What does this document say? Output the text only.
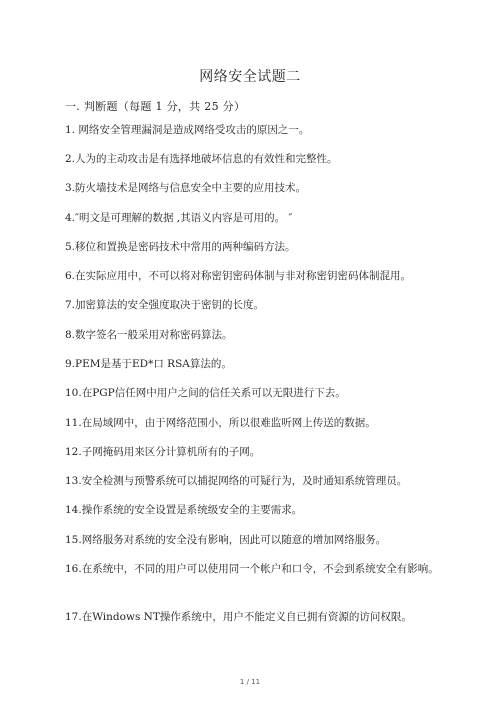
网络安全试题二
一. 判断题（每题 1 分，共 25 分）
1. 网络安全管理漏洞是造成网络受攻击的原因之一。
2.人为的主动攻击是有选择地破坏信息的有效性和完整性。
3.防火墙技术是网络与信息安全中主要的应用技术。
4.″明文是可理解的数据 ,其语义内容是可用的。 ″
5.移位和置换是密码技术中常用的两种编码方法。
6.在实际应用中，不可以将对称密钥密码体制与非对称密钥密码体制混用。
7.加密算法的安全强度取决于密钥的长度。
8.数字签名一般采用对称密码算法。
9.PEM是基于ED*口 RSA算法的。
10.在PGP信任网中用户之间的信任关系可以无限进行下去。
11.在局域网中，由于网络范围小，所以很难监听网上传送的数据。
12.子网掩码用来区分计算机所有的子网。
13.安全检测与预警系统可以捕捉网络的可疑行为，及时通知系统管理员。
14.操作系统的安全设置是系统级安全的主要需求。
15.网络服务对系统的安全没有影响，因此可以随意的增加网络服务。
16.在系统中，不同的用户可以使用同一个帐户和口令，不会到系统安全有影响。
17.在Windows NT操作系统中，用户不能定义自已拥有资源的访问权限。
1 / 11
